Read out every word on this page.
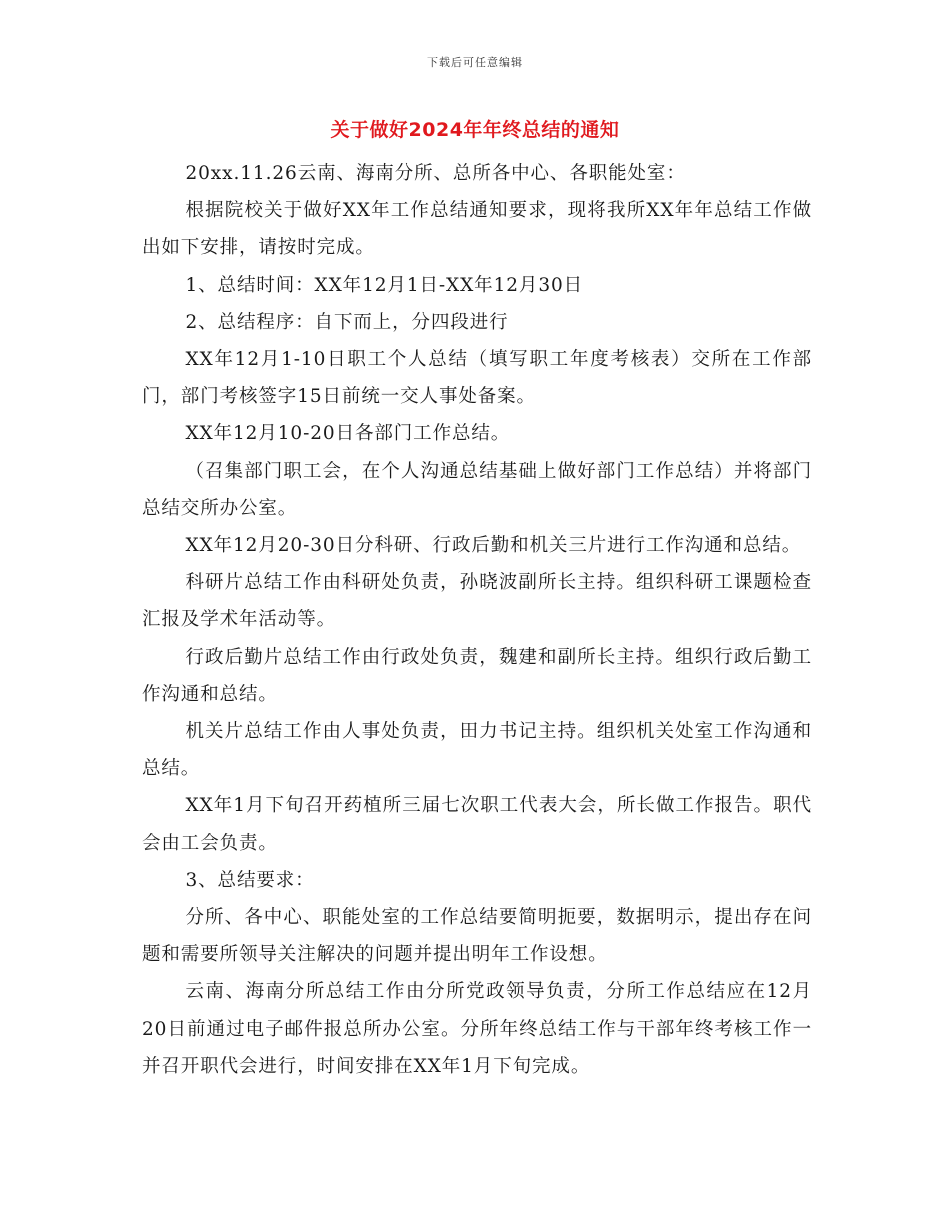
下载后可任意编辑
关于做好2024年年终总结的通知

20xx.11.26云南、海南分所、总所各中心、各职能处室：

根据院校关于做好XX年工作总结通知要求，现将我所XX年年总结工作做出如下安排，请按时完成。

1、总结时间：XX年12月1日-XX年12月30日

2、总结程序：自下而上，分四段进行

XX年12月1-10日职工个人总结（填写职工年度考核表）交所在工作部门，部门考核签字15日前统一交人事处备案。

XX年12月10-20日各部门工作总结。

（召集部门职工会，在个人沟通总结基础上做好部门工作总结）并将部门总结交所办公室。

XX年12月20-30日分科研、行政后勤和机关三片进行工作沟通和总结。

科研片总结工作由科研处负责，孙晓波副所长主持。组织科研工课题检查汇报及学术年活动等。

行政后勤片总结工作由行政处负责，魏建和副所长主持。组织行政后勤工作沟通和总结。

机关片总结工作由人事处负责，田力书记主持。组织机关处室工作沟通和总结。

XX年1月下旬召开药植所三届七次职工代表大会，所长做工作报告。职代会由工会负责。

3、总结要求：

分所、各中心、职能处室的工作总结要简明扼要，数据明示，提出存在问题和需要所领导关注解决的问题并提出明年工作设想。

云南、海南分所总结工作由分所党政领导负责，分所工作总结应在12月20日前通过电子邮件报总所办公室。分所年终总结工作与干部年终考核工作一并召开职代会进行，时间安排在XX年1月下旬完成。
